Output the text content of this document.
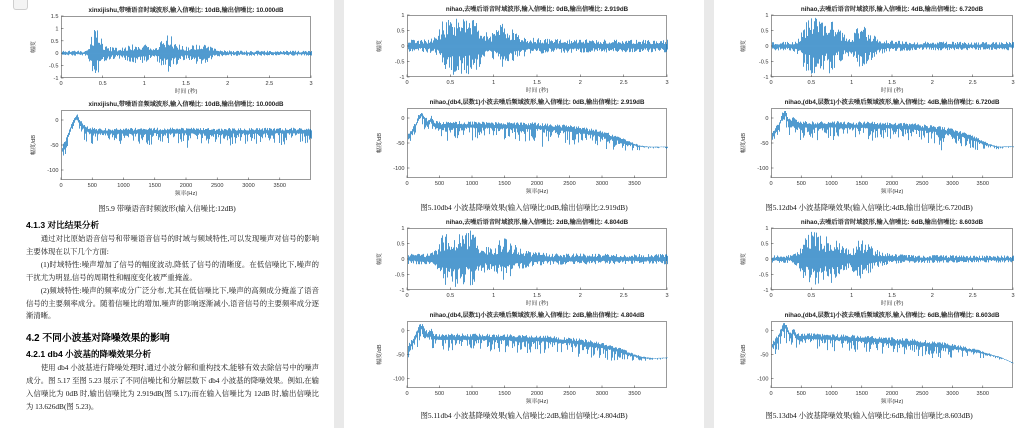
图5.9 带噪语音时频波形(输入信噪比:12dB)

4.1.3 对比结果分析

通过对比原始语音信号和带噪语音信号的时域与频域特性,可以发现噪声对信号的影响主要体现在以下几个方面:

(1)时域特性:噪声增加了信号的幅度波动,降低了信号的清晰度。在低信噪比下,噪声的干扰尤为明显,信号的周期性和幅度变化被严重掩盖。

(2)频域特性:噪声的频率成分广泛分布,尤其在低信噪比下,噪声的高频成分掩盖了语音信号的主要频率成分。随着信噪比的增加,噪声的影响逐渐减小,语音信号的主要频率成分逐渐清晰。

4.2 不同小波基对降噪效果的影响

4.2.1 db4 小波基的降噪效果分析

使用 db4 小波基进行降噪处理时,通过小波分解和重构技术,能够有效去除信号中的噪声成分。图 5.17 至图 5.23 展示了不同信噪比和分解层数下 db4 小波基的降噪效果。例如,在输入信噪比为 0dB 时,输出信噪比为 2.919dB(图 5.17);而在输入信噪比为 12dB 时,输出信噪比为 13.626dB(图 5.23)。

图5.10db4 小波基降噪效果(输入信噪比:0dB,输出信噪比:2.919dB)
图5.11db4 小波基降噪效果(输入信噪比:2dB,输出信噪比:4.804dB)
图5.12db4 小波基降噪效果(输入信噪比:4dB,输出信噪比:6.720dB)
图5.13db4 小波基降噪效果(输入信噪比:6dB,输出信噪比:8.603dB)
